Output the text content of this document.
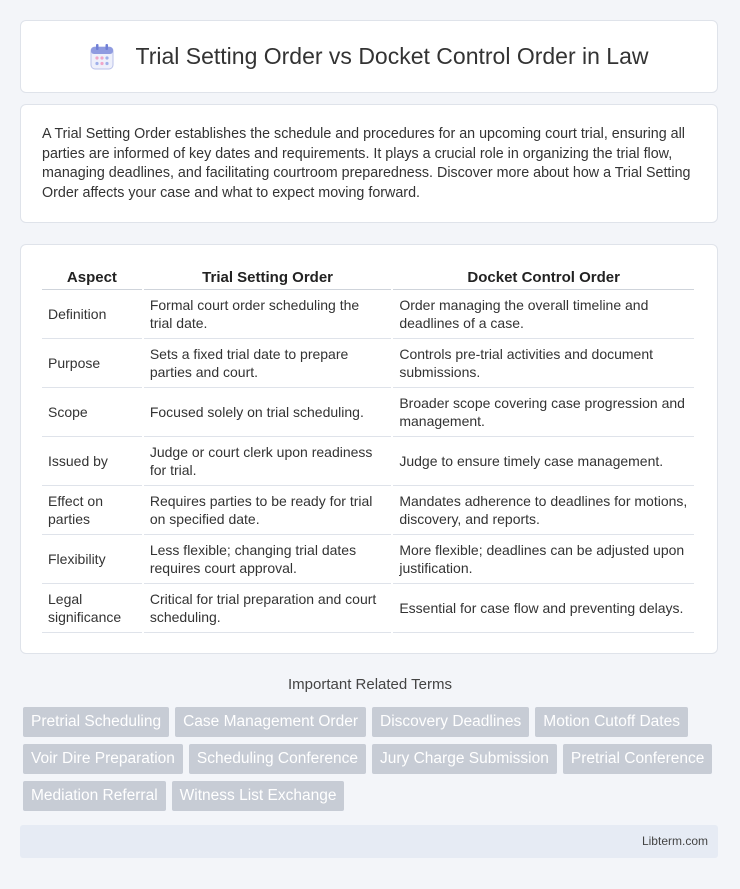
Trial Setting Order vs Docket Control Order in Law

A Trial Setting Order establishes the schedule and procedures for an upcoming court trial, ensuring all parties are informed of key dates and requirements. It plays a crucial role in organizing the trial flow, managing deadlines, and facilitating courtroom preparedness. Discover more about how a Trial Setting Order affects your case and what to expect moving forward.

Aspect	Trial Setting Order	Docket Control Order
Definition	Formal court order scheduling the trial date.	Order managing the overall timeline and deadlines of a case.
Purpose	Sets a fixed trial date to prepare parties and court.	Controls pre-trial activities and document submissions.
Scope	Focused solely on trial scheduling.	Broader scope covering case progression and management.
Issued by	Judge or court clerk upon readiness for trial.	Judge to ensure timely case management.
Effect on parties	Requires parties to be ready for trial on specified date.	Mandates adherence to deadlines for motions, discovery, and reports.
Flexibility	Less flexible; changing trial dates requires court approval.	More flexible; deadlines can be adjusted upon justification.
Legal significance	Critical for trial preparation and court scheduling.	Essential for case flow and preventing delays.
Important Related Terms
Pretrial Scheduling	Case Management Order	Discovery Deadlines	Motion Cutoff Dates
Voir Dire Preparation	Scheduling Conference	Jury Charge Submission	Pretrial Conference
Mediation Referral	Witness List Exchange
Libterm.com
